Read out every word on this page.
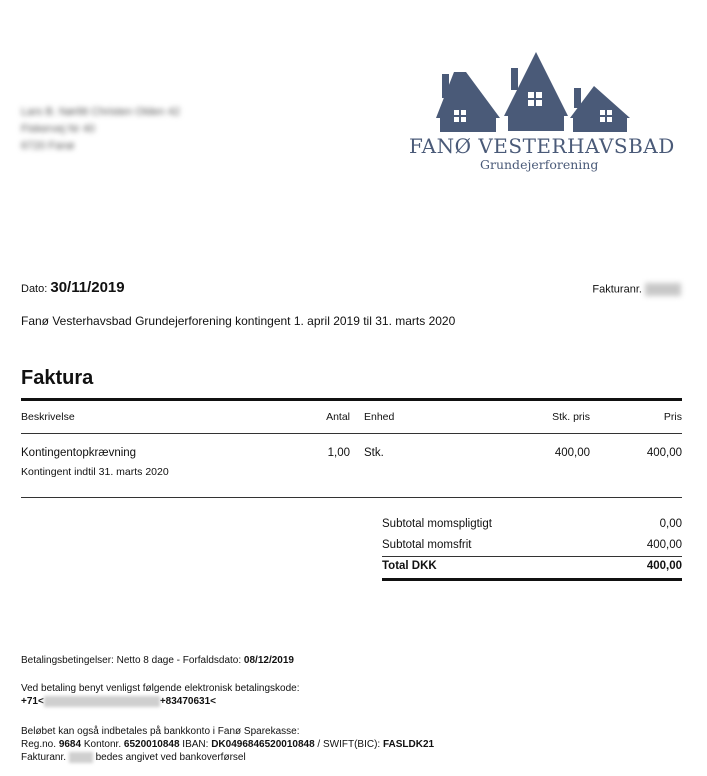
Lars B. Nørlitt Christen Olden 42
Fiskervej Nr 40
6720 Fanø	FANØ VESTERHAVSBAD
Grundejerforening
Dato: 30/11/2019	Fakturanr.
Fanø Vesterhavsbad Grundejerforening kontingent 1. april 2019 til 31. marts 2020
Faktura
Beskrivelse	Antal Enhed	Stk. pris	Pris
Kontingentopkrævning
Kontingent indtil 31. marts 2020
1,00 Stk.	400,00	400,00
Subtotal momspligtigt	0,00
Subtotal momsfrit	400,00
Total DKK	400,00
Betalingsbetingelser: Netto 8 dage - Forfaldsdato: 08/12/2019
Ved betaling benyt venligst følgende elektronisk betalingskode:
+71<	+83470631<
Beløbet kan også indbetales på bankkonto i Fanø Sparekasse:
Reg.no. 9684 Kontonr. 6520010848 IBAN: DK0496846520010848 / SWIFT(BIC): FASLDK21
Fakturanr.	bedes angivet ved bankoverførsel
